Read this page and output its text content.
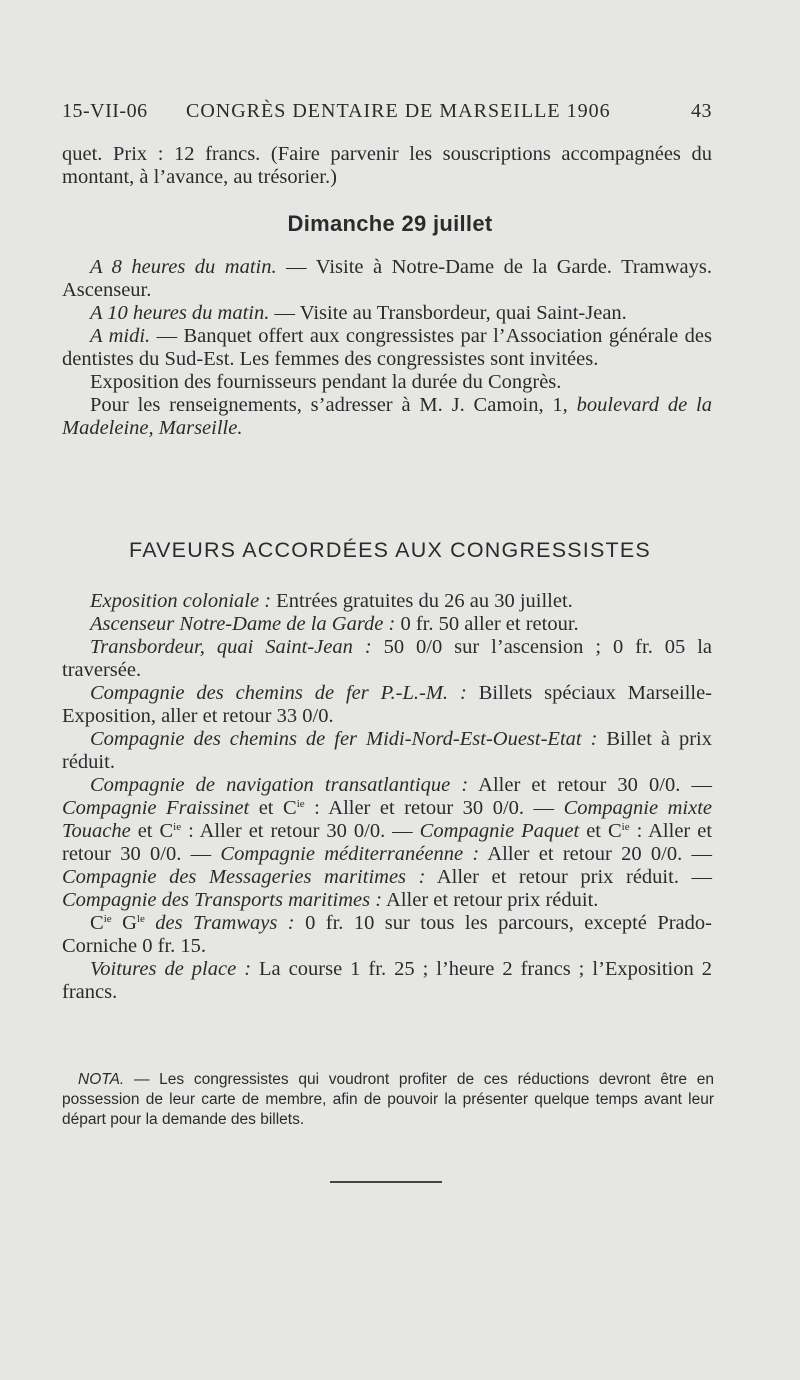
15-VII-06 CONGRÈS DENTAIRE DE MARSEILLE 1906	43

quet. Prix : 12 francs. (Faire parvenir les souscriptions accompagnées du montant, à l’avance, au trésorier.)

Dimanche 29 juillet

A 8 heures du matin. — Visite à Notre-Dame de la Garde. Tramways. Ascenseur.

A 10 heures du matin. — Visite au Transbordeur, quai Saint-Jean.

A midi. — Banquet offert aux congressistes par l’Association générale des dentistes du Sud-Est. Les femmes des congressistes sont invitées.

Exposition des fournisseurs pendant la durée du Congrès.

Pour les renseignements, s’adresser à M. J. Camoin, 1, boulevard de la Madeleine, Marseille.

FAVEURS ACCORDÉES AUX CONGRESSISTES

Exposition coloniale : Entrées gratuites du 26 au 30 juillet.

Ascenseur Notre-Dame de la Garde : 0 fr. 50 aller et retour.

Transbordeur, quai Saint-Jean : 50 0/0 sur l’ascension ; 0 fr. 05 la traversée.

Compagnie des chemins de fer P.-L.-M. : Billets spéciaux Marseille-Exposition, aller et retour 33 0/0.

Compagnie des chemins de fer Midi-Nord-Est-Ouest-Etat : Billet à prix réduit.

Compagnie de navigation transatlantique : Aller et retour 30 0/0. — Compagnie Fraissinet et $C^{ie}$ : Aller et retour 30 0/0. — Compagnie mixte Touache et $C^{ie}$ : Aller et retour 30 0/0. — Compagnie Paquet et $C^{ie}$ : Aller et retour 30 0/0. — Compagnie méditerranéenne : Aller et retour 20 0/0. — Compagnie des Messageries maritimes : Aller et retour prix réduit. — Compagnie des Transports maritimes : Aller et retour prix réduit.

$C^{ie}$ $G^{le}$ des Tramways : 0 fr. 10 sur tous les parcours, excepté Prado-Corniche 0 fr. 15.

Voitures de place : La course 1 fr. 25 ; l’heure 2 francs ; l’Exposition 2 francs.

NOTA. — Les congressistes qui voudront profiter de ces réductions devront être en possession de leur carte de membre, afin de pouvoir la présenter quelque temps avant leur départ pour la demande des billets.
